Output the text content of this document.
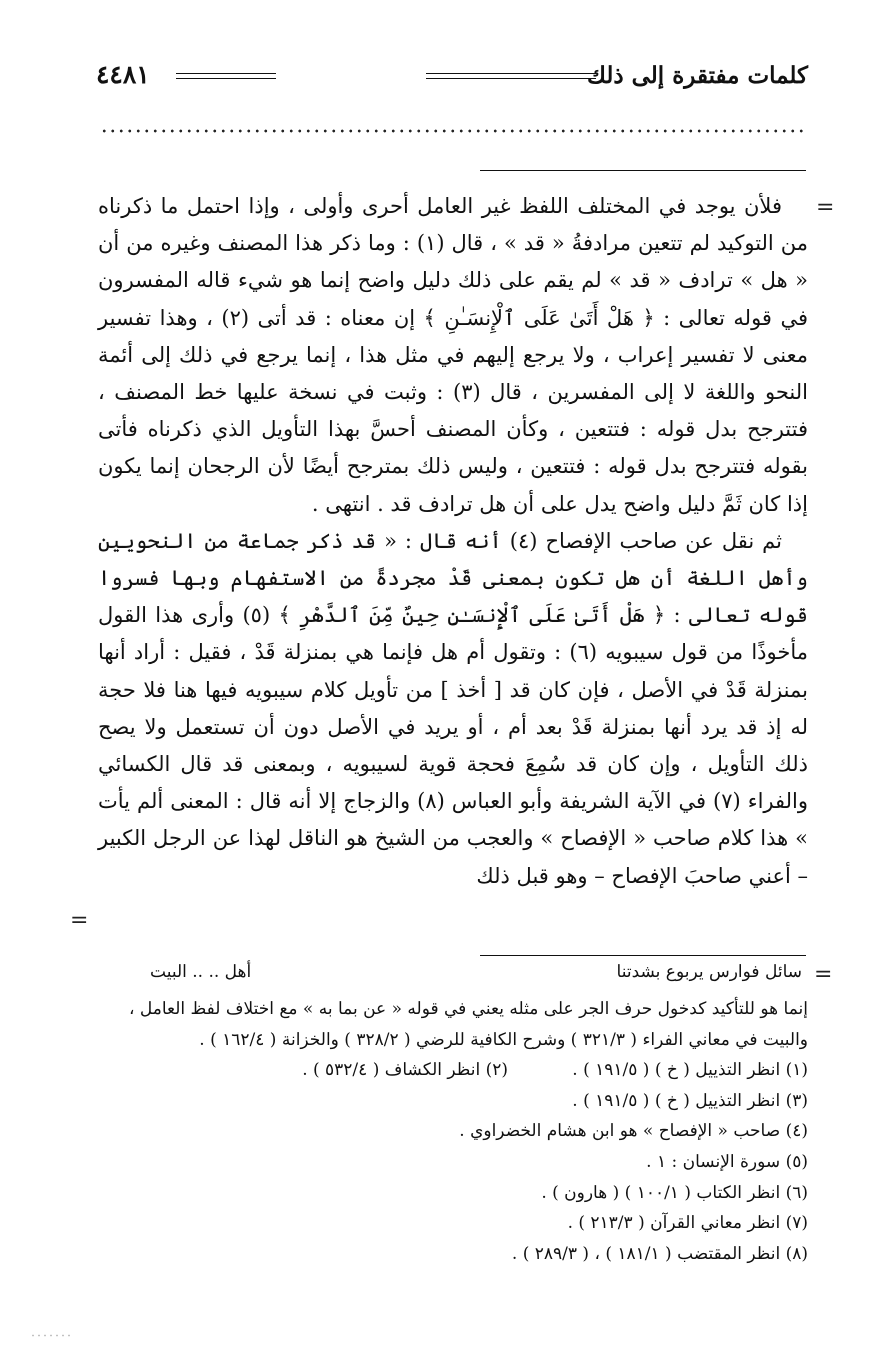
كلمات مفتقرة إلى ذلك
٤٤٨١
=

فلأن يوجد في المختلف اللفظ غير العامل أحرى وأولى ، وإذا احتمل ما ذكرناه من التوكيد لم تتعين مرادفةُ « قد » ، قال (١) : وما ذكر هذا المصنف وغيره من أن « هل » ترادف « قد » لم يقم على ذلك دليل واضح إنما هو شيء قاله المفسرون في قوله تعالى : ﴿ هَلْ أَتَىٰ عَلَى ٱلْإِنسَـٰنِ ﴾ إن معناه : قد أتى (٢) ، وهذا تفسير معنى لا تفسير إعراب ، ولا يرجع إليهم في مثل هذا ، إنما يرجع في ذلك إلى أئمة النحو واللغة لا إلى المفسرين ، قال (٣) : وثبت في نسخة عليها خط المصنف ، فتترجح بدل قوله : فتتعين ، وكأن المصنف أحسَّ بهذا التأويل الذي ذكرناه فأتى بقوله فتترجح بدل قوله : فتتعين ، وليس ذلك بمترجح أيضًا لأن الرجحان إنما يكون إذا كان ثَمَّ دليل واضح يدل على أن هل ترادف قد . انتهى .

ثم نقل عن صاحب الإفصاح (٤) أنه قال : « قد ذكر جماعة من النحويين وأهل اللغة أن هل تكون بمعنى قَدْ مجردةً من الاستفهام وبها فسروا قوله تعالى : ﴿ هَلْ أَتَىٰ عَلَى ٱلْإِنسَـٰنِ حِينٌ مِّنَ ٱلدَّهْرِ ﴾ (٥) وأرى هذا القول مأخوذًا من قول سيبويه (٦) : وتقول أم هل فإنما هي بمنزلة قَدْ ، فقيل : أراد أنها بمنزلة قَدْ في الأصل ، فإن كان قد [ أخذ ] من تأويل كلام سيبويه فيها هنا فلا حجة له إذ قد يرد أنها بمنزلة قَدْ بعد أم ، أو يريد في الأصل دون أن تستعمل ولا يصح ذلك التأويل ، وإن كان قد سُمِعَ فحجة قوية لسيبويه ، وبمعنى قد قال الكسائي والفراء (٧) في الآية الشريفة وأبو العباس (٨) والزجاج إلا أنه قال : المعنى ألم يأت » هذا كلام صاحب « الإفصاح » والعجب من الشيخ هو الناقل لهذا عن الرجل الكبير – أعني صاحبَ الإفصاح – وهو قبل ذلك

=
=
سائل فوارس يربوع بشدتنا
أهل .. .. البيت
إنما هو للتأكيد كدخول حرف الجر على مثله يعني في قوله « عن بما به » مع اختلاف لفظ العامل ،
والبيت في معاني الفراء ( ٣٢١/٣ ) وشرح الكافية للرضي ( ٣٢٨/٢ ) والخزانة ( ١٦٢/٤ ) .
(١) انظر التذييل ( خ ) ( ١٩١/٥ ) .
(٢) انظر الكشاف ( ٥٣٢/٤ ) .
(٣) انظر التذييل ( خ ) ( ١٩١/٥ ) .
(٤) صاحب « الإفصاح » هو ابن هشام الخضراوي .
(٥) سورة الإنسان : ١ .
(٦) انظر الكتاب ( ١٠٠/١ ) ( هارون ) .
(٧) انظر معاني القرآن ( ٢١٣/٣ ) .
(٨) انظر المقتضب ( ١٨١/١ ) ، ( ٢٨٩/٣ ) .
